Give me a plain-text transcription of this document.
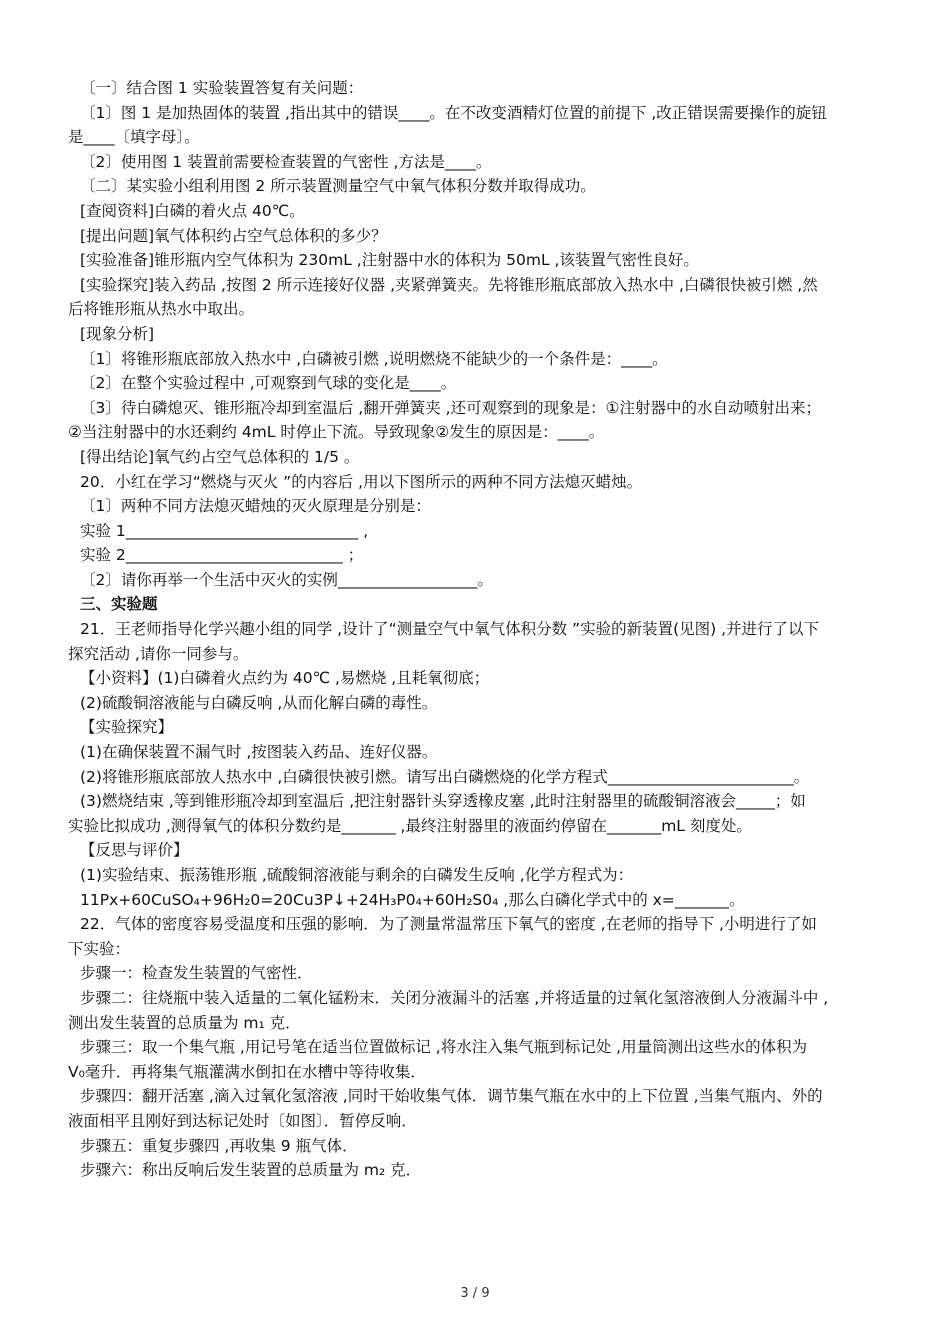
〔一〕结合图 1 实验装置答复有关问题：

〔1〕图 1 是加热固体的装置 ,指出其中的错误____。在不改变酒精灯位置的前提下 ,改正错误需要操作的旋钮

是____〔填字母〕。

〔2〕使用图 1 装置前需要检查装置的气密性 ,方法是____。

〔二〕某实验小组利用图 2 所示装置测量空气中氧气体积分数并取得成功。

[查阅资料]白磷的着火点 40℃。

[提出问题]氧气体积约占空气总体积的多少？

[实验准备]锥形瓶内空气体积为 230mL ,注射器中水的体积为 50mL ,该装置气密性良好。

[实验探究]装入药品 ,按图 2 所示连接好仪器 ,夹紧弹簧夹。先将锥形瓶底部放入热水中 ,白磷很快被引燃 ,然

后将锥形瓶从热水中取出。

[现象分析]

〔1〕将锥形瓶底部放入热水中 ,白磷被引燃 ,说明燃烧不能缺少的一个条件是：____。

〔2〕在整个实验过程中 ,可观察到气球的变化是____。

〔3〕待白磷熄灭、锥形瓶冷却到室温后 ,翻开弹簧夹 ,还可观察到的现象是：①注射器中的水自动喷射出来；

②当注射器中的水还剩约 4mL 时停止下流。导致现象②发生的原因是：____。

[得出结论]氧气约占空气总体积的 1/5 。

20．小红在学习“燃烧与灭火 ”的内容后 ,用以下图所示的两种不同方法熄灭蜡烛。

〔1〕两种不同方法熄灭蜡烛的灭火原理是分别是：

实验 1______________________________ ,

实验 2____________________________ ；

〔2〕请你再举一个生活中灭火的实例__________________。

三、实验题

21．王老师指导化学兴趣小组的同学 ,设计了“测量空气中氧气体积分数 ”实验的新装置(见图) ,并进行了以下

探究活动 ,请你一同参与。

【小资料】(1)白磷着火点约为 40℃ ,易燃烧 ,且耗氧彻底；

(2)硫酸铜溶液能与白磷反响 ,从而化解白磷的毒性。

【实验探究】

(1)在确保装置不漏气时 ,按图装入药品、连好仪器。

(2)将锥形瓶底部放人热水中 ,白磷很快被引燃。请写出白磷燃烧的化学方程式________________________。

(3)燃烧结束 ,等到锥形瓶冷却到室温后 ,把注射器针头穿透橡皮塞 ,此时注射器里的硫酸铜溶液会_____；如

实验比拟成功 ,测得氧气的体积分数约是_______ ,最终注射器里的液面约停留在_______mL 刻度处。

【反思与评价】

(1)实验结束、振荡锥形瓶 ,硫酸铜溶液能与剩余的白磷发生反响 ,化学方程式为：

11Px+60CuSO₄+96H₂0=20Cu3P↓+24H₃P0₄+60H₂S0₄ ,那么白磷化学式中的 x=_______。

22．气体的密度容易受温度和压强的影响．为了测量常温常压下氧气的密度 ,在老师的指导下 ,小明进行了如

下实验：

步骤一：检查发生装置的气密性．

步骤二：往烧瓶中装入适量的二氧化锰粉末．关闭分液漏斗的活塞 ,并将适量的过氧化氢溶液倒人分液漏斗中 ,

测出发生装置的总质量为 m₁ 克．

步骤三：取一个集气瓶 ,用记号笔在适当位置做标记 ,将水注入集气瓶到标记处 ,用量筒测出这些水的体积为

V₀毫升．再将集气瓶灌满水倒扣在水槽中等待收集．

步骤四：翻开活塞 ,滴入过氧化氢溶液 ,同时干始收集气体．调节集气瓶在水中的上下位置 ,当集气瓶内、外的

液面相平且刚好到达标记处时〔如图〕．暂停反响．

步骤五：重复步骤四 ,再收集 9 瓶气体．

步骤六：称出反响后发生装置的总质量为 m₂ 克．

3 / 9
